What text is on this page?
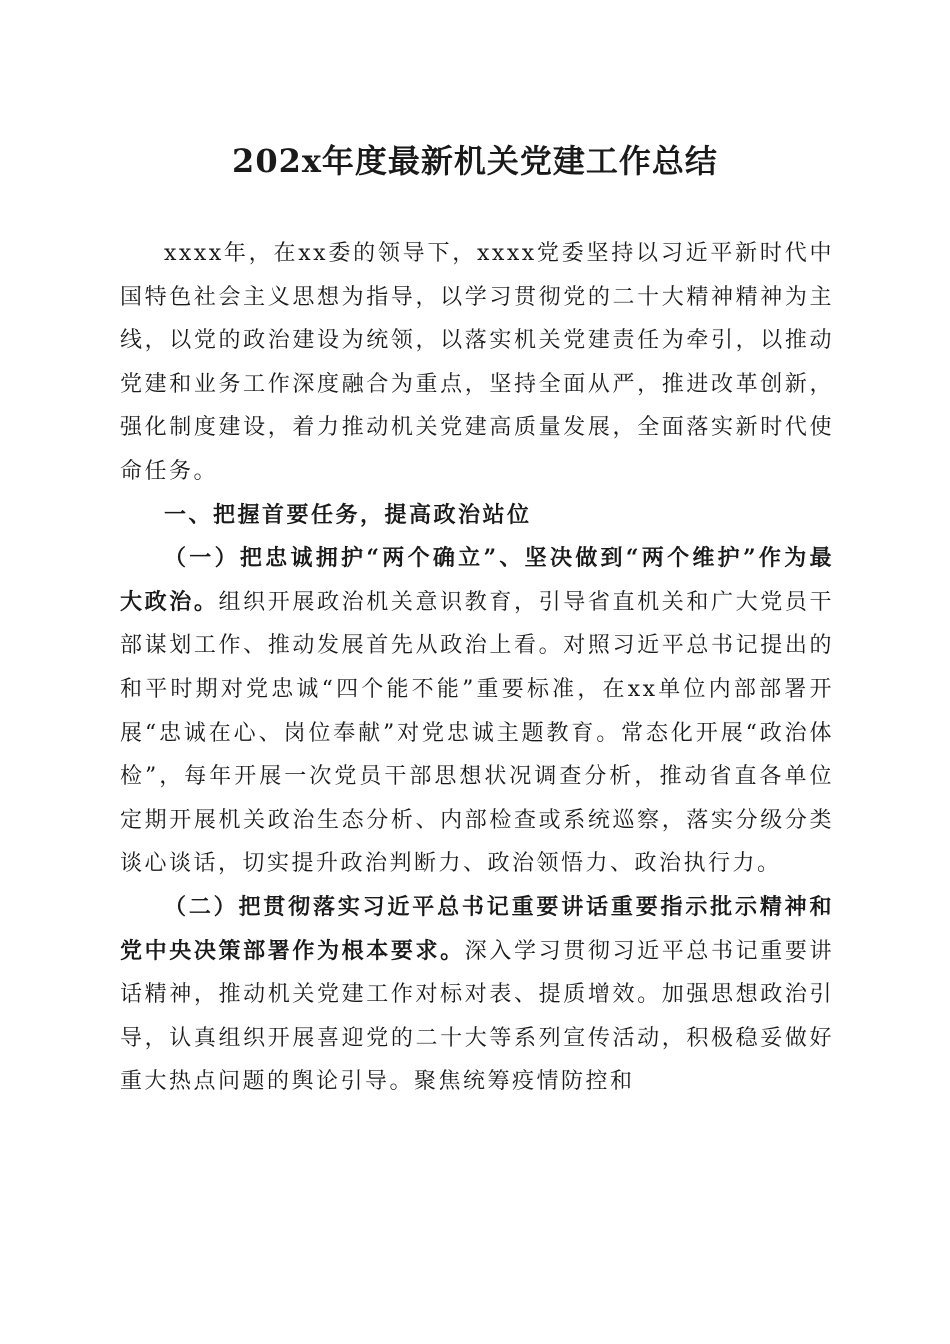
202x年度最新机关党建工作总结

xxxx年，在xx委的领导下，xxxx党委坚持以习近平新时代中国特色社会主义思想为指导，以学习贯彻党的二十大精神精神为主线，以党的政治建设为统领，以落实机关党建责任为牵引，以推动党建和业务工作深度融合为重点，坚持全面从严，推进改革创新，强化制度建设，着力推动机关党建高质量发展，全面落实新时代使命任务。

一、把握首要任务，提高政治站位

（一）把忠诚拥护“两个确立”、坚决做到“两个维护”作为最大政治。组织开展政治机关意识教育，引导省直机关和广大党员干部谋划工作、推动发展首先从政治上看。对照习近平总书记提出的和平时期对党忠诚“四个能不能”重要标准，在xx单位内部部署开展“忠诚在心、岗位奉献”对党忠诚主题教育。常态化开展“政治体检”，每年开展一次党员干部思想状况调查分析，推动省直各单位定期开展机关政治生态分析、内部检查或系统巡察，落实分级分类谈心谈话，切实提升政治判断力、政治领悟力、政治执行力。

（二）把贯彻落实习近平总书记重要讲话重要指示批示精神和党中央决策部署作为根本要求。深入学习贯彻习近平总书记重要讲话精神，推动机关党建工作对标对表、提质增效。加强思想政治引导，认真组织开展喜迎党的二十大等系列宣传活动，积极稳妥做好重大热点问题的舆论引导。聚焦统筹疫情防控和
